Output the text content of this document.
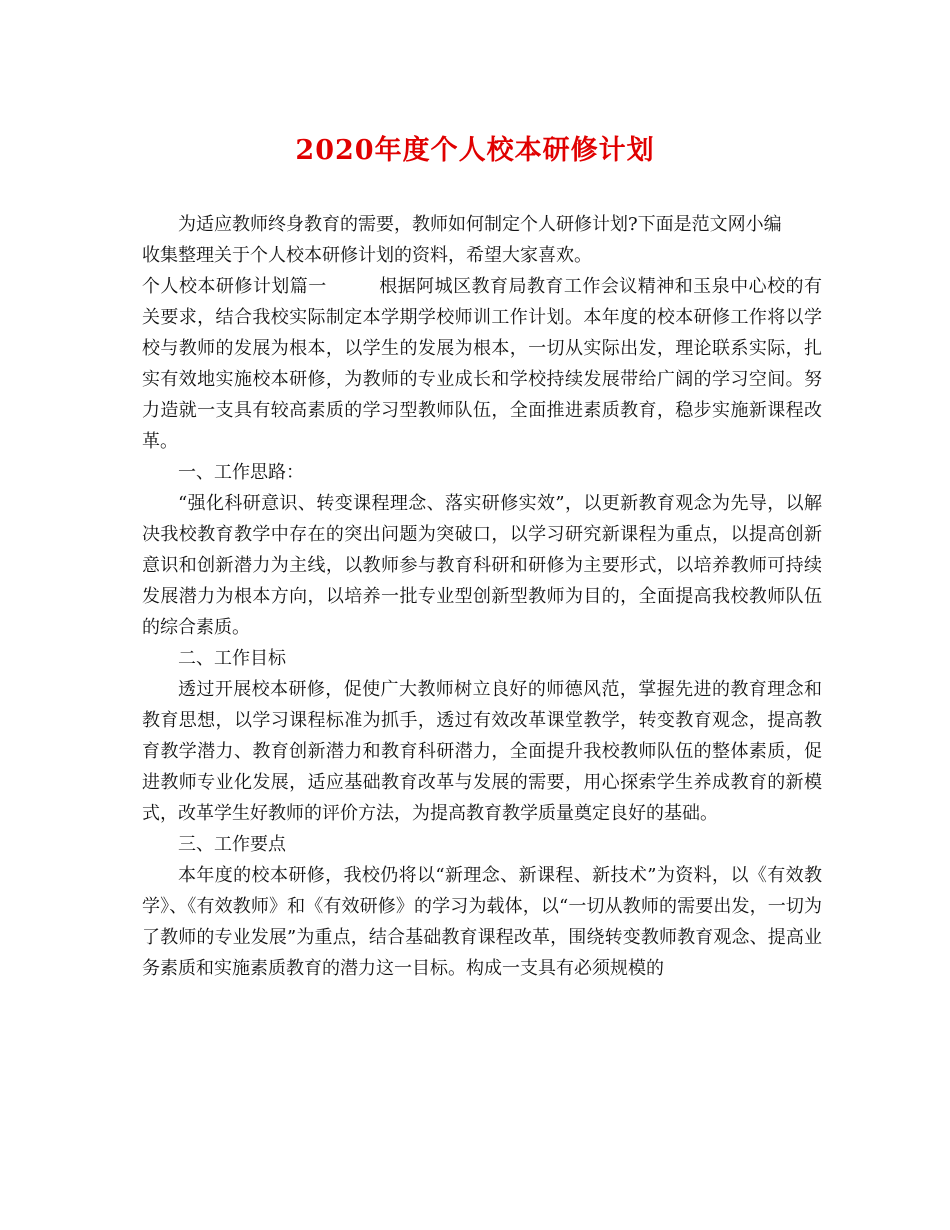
2020年度个人校本研修计划

为适应教师终身教育的需要，教师如何制定个人研修计划?下面是范文网小编

收集整理关于个人校本研修计划的资料，希望大家喜欢。

个人校本研修计划篇一	根据阿城区教育局教育工作会议精神和玉泉中心校的有关要求，结合我校实际制定本学期学校师训工作计划。本年度的校本研修工作将以学校与教师的发展为根本，以学生的发展为根本，一切从实际出发，理论联系实际，扎实有效地实施校本研修，为教师的专业成长和学校持续发展带给广阔的学习空间。努力造就一支具有较高素质的学习型教师队伍，全面推进素质教育，稳步实施新课程改革。

一、工作思路：

“强化科研意识、转变课程理念、落实研修实效”，以更新教育观念为先导，以解决我校教育教学中存在的突出问题为突破口，以学习研究新课程为重点，以提高创新意识和创新潜力为主线，以教师参与教育科研和研修为主要形式，以培养教师可持续发展潜力为根本方向，以培养一批专业型创新型教师为目的，全面提高我校教师队伍的综合素质。

二、工作目标

透过开展校本研修，促使广大教师树立良好的师德风范，掌握先进的教育理念和教育思想，以学习课程标准为抓手，透过有效改革课堂教学，转变教育观念，提高教育教学潜力、教育创新潜力和教育科研潜力，全面提升我校教师队伍的整体素质，促进教师专业化发展，适应基础教育改革与发展的需要，用心探索学生养成教育的新模式，改革学生好教师的评价方法，为提高教育教学质量奠定良好的基础。

三、工作要点

本年度的校本研修，我校仍将以“新理念、新课程、新技术”为资料，以《有效教学》、《有效教师》和《有效研修》的学习为载体，以“一切从教师的需要出发，一切为了教师的专业发展”为重点，结合基础教育课程改革，围绕转变教师教育观念、提高业务素质和实施素质教育的潜力这一目标。构成一支具有必须规模的
